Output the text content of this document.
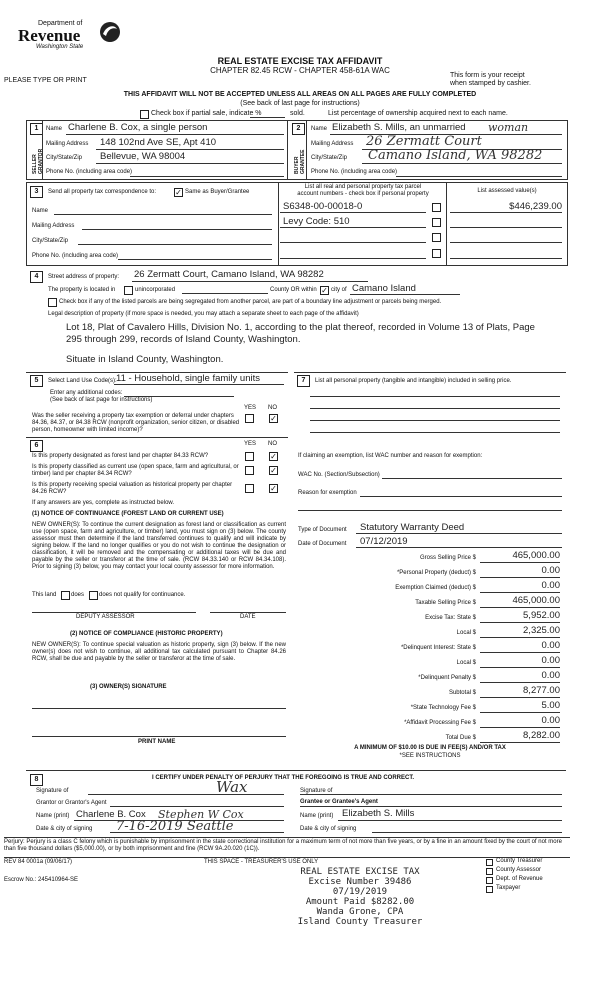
Department of
Revenue
Washington State
PLEASE TYPE OR PRINT
REAL ESTATE EXCISE TAX AFFIDAVIT
CHAPTER 82.45 RCW - CHAPTER 458-61A WAC
This form is your receipt
when stamped by cashier.
THIS AFFIDAVIT WILL NOT BE ACCEPTED UNLESS ALL AREAS ON ALL PAGES ARE FULLY COMPLETED
(See back of last page for instructions)
Check box if partial sale, indicate %	sold.	List percentage of ownership acquired next to each name.
1
SELLER GRANTOR
Name Charlene B. Cox, a single person
Mailing Address 148 102nd Ave SE, Apt 410
City/State/Zip Bellevue, WA 98004
Phone No. (including area code)
2
BUYER GRANTEE
Name Elizabeth S. Mills, an unmarried woman
Mailing Address 26 Zermatt Court
City/State/Zip Camano Island, WA 98282
Phone No. (including area code)
3	Send all property tax correspondence to: ✓ Same as Buyer/Grantee
List all real and personal property tax parcel
account numbers - check box if personal property	List assessed value(s)
Name
Mailing Address
City/State/Zip
Phone No. (including area code)
S6348-00-00018-0	$446,239.00
Levy Code: 510
4	Street address of property: 26 Zermatt Court, Camano Island, WA 98282
The property is located in	unincorporated	County OR within ✓ city of Camano Island
Check box if any of the listed parcels are being segregated from another parcel, are part of a boundary line adjustment or parcels being merged.
Legal description of property (if more space is needed, you may attach a separate sheet to each page of the affidavit)
Lot 18, Plat of Cavalero Hills, Division No. 1, according to the plat thereof, recorded in Volume 13 of Plats, Page
295 through 299, records of Island County, Washington.
Situate in Island County, Washington.
5	Select Land Use Code(s): 11 - Household, single family units
Enter any additional codes:
(See back of last page for instructions)
YES NO
Was the seller receiving a property tax exemption or deferral under chapters 84.36, 84.37, or 84.38 RCW (nonprofit organization, senior citizen, or disabled person, homeowner with limited income)?
✓
7	List all personal property (tangible and intangible) included in selling price.
6	YES NO
Is this property designated as forest land per chapter 84.33 RCW?	✓
Is this property classified as current use (open space, farm and agricultural, or timber) land per chapter 84.34 RCW?	✓
Is this property receiving special valuation as historical property per chapter 84.26 RCW?	✓
If any answers are yes, complete as instructed below.
(1) NOTICE OF CONTINUANCE (FOREST LAND OR CURRENT USE)
NEW OWNER(S): To continue the current designation as forest land or classification as current use (open space, farm and agriculture, or timber) land, you must sign on (3) below. The county assessor must then determine if the land transferred continues to qualify and will indicate by signing below. If the land no longer qualifies or you do not wish to continue the designation or classification, it will be removed and the compensating or additional taxes will be due and payable by the seller or transferor at the time of sale. (RCW 84.33.140 or RCW 84.34.108). Prior to signing (3) below, you may contact your local county assessor for more information.
This land does does not qualify for continuance.
DEPUTY ASSESSOR	DATE
(2) NOTICE OF COMPLIANCE (HISTORIC PROPERTY)
NEW OWNER(S): To continue special valuation as historic property, sign (3) below. If the new owner(s) does not wish to continue, all additional tax calculated pursuant to Chapter 84.26 RCW, shall be due and payable by the seller or transferor at the time of sale.
(3) OWNER(S) SIGNATURE
PRINT NAME
If claiming an exemption, list WAC number and reason for exemption:
WAC No. (Section/Subsection)
Reason for exemption
Type of Document Statutory Warranty Deed
Date of Document 07/12/2019
Gross Selling Price $	465,000.00
*Personal Property (deduct) $	0.00
Exemption Claimed (deduct) $	0.00
Taxable Selling Price $	465,000.00
Excise Tax: State $	5,952.00
Local $	2,325.00
*Delinquent Interest: State $	0.00
Local $	0.00
*Delinquent Penalty $	0.00
Subtotal $	8,277.00
*State Technology Fee $	5.00
*Affidavit Processing Fee $	0.00
Total Due $	8,282.00
A MINIMUM OF $10.00 IS DUE IN FEE(S) AND/OR TAX
*SEE INSTRUCTIONS
8	I CERTIFY UNDER PENALTY OF PERJURY THAT THE FOREGOING IS TRUE AND CORRECT.
Signature of	Wax
Grantor or Grantor's Agent
Name (print) Charlene B. Cox Stephen W Cox
Date & city of signing 7-16-2019 Seattle
Signature of
Grantee or Grantee's Agent
Name (print) Elizabeth S. Mills
Date & city of signing
Perjury: Perjury is a class C felony which is punishable by imprisonment in the state correctional institution for a maximum term of not more than five years, or by a fine in an amount fixed by the court of not more than five thousand dollars ($5,000.00), or by both imprisonment and fine (RCW 9A.20.020 (1C)).
REV 84 0001a (09/06/17)
Escrow No.: 245410964-SE
THIS SPACE - TREASURER'S USE ONLY
REAL ESTATE EXCISE TAX
Excise Number 39486
07/19/2019
Amount Paid $8282.00
Wanda Grone, CPA
Island County Treasurer
County Treasurer
County Assessor
Dept. of Revenue
Taxpayer
